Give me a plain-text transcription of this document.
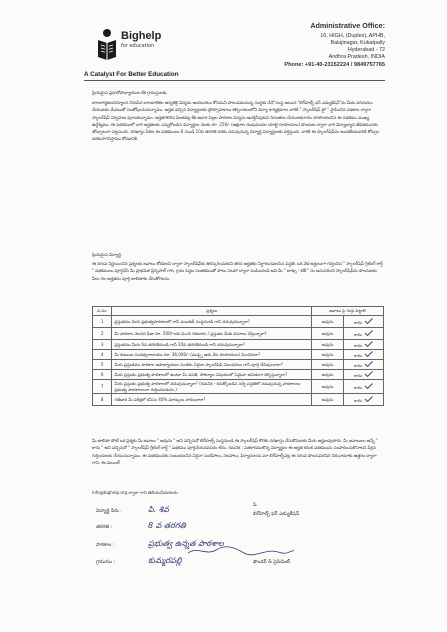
Bighelp
for education
A Catalyst For Better Education
Administrative Office:
16, HIGH, (Duplex), APHB,
Balajinagar, Kukatpally
Hyderabad - 72
Andhra Pradesh, INDIA
Phone: +91-40-23152224 / 9849757765
ప్రియమైన ప్రధానోపాధ్యాయుల కేక గ్రామస్తులకు,
బాలకార్మికులనిర్మూలన నిరుపేద బాలబాలికల ఉన్నతికై విద్యను అందించటం కోసమని పాటుపడుచున్న సంస్థకు నేనో సంస్థ అయిన "బిగ్‌హెల్ప్ ఫర్ ఎడ్యుకేషన్"ను మీకు పరిచయం చేయుటకు మేమెంతో సంతోషించుచున్నాము. అర్హత వచ్చిన విద్యార్థులకు ప్రోత్సాహకాలు కల్పించటంలోని విద్యా కార్యక్రమాల వారికి " స్కాలర్‌షిప్ ఫ్లో " స్థాపించిన పథకాల ద్వారా స్కాలర్‌షిప్ నిర్వహణ పూనుకున్నాము. అర్హతగలిగిన పిలకపట్ల కేక ఆధార పిల్లల పాఠశాల విద్యను ఆసక్తినీపుకుని నిరంతరం చేయుటకుగాను రూపొందించిన ఈ పథకము ముఖ్య ఉద్దేశ్యము. ఈ పథకములో వారి అర్హతలకు ఎన్నుకోబడిన విద్యార్థుల నెలకు రూ. 250/- (అక్షరాల రెండువందల యాభై రూపాయలు) పొందుట ద్వారా వారి విద్యాభ్యాస జీవితమునకు తోడ్పాటుగా పట్టనుంది. దరఖాస్తు పేరిట ఈ పథకములు 6 నుండి 10వ తరగతి వరకు చదువుచున్న విద్యార్థి విద్యార్థులకు వర్తిస్తుంది. వారికి ఈ స్కాలర్‌షిప్‌ను అందజేయడానికి కోర్సుల వరకుసాగనిస్తాము కోరడానికి.
ప్రియమైన విద్యార్థి,
ఈ దిగువ నిర్ణయించిన ప్రశ్నలకు జవాబు కోరవలసి ద్వారా స్కాలర్‌షిప్‌కు తిరస్కరించుకుని తగిన అర్హతకు నిర్ధారించవలసిన పద్దతి. ఒక వేళ అర్హులుగా గుర్తించిన " స్కాలర్‌షిప్ గ్రీటింగ్ కార్డ్ " పథకములు పూర్తిచేసి మీ ప్రాథమిక ప్రిన్సిపాల్ గారి, గ్రామ పెద్దల సంతకముతో పాటు సలహా ద్వారా పంపించండి అవి మీ " బాక్సు - టిక్ " ను అనుసరించి స్కాలర్‌షిప్‌ను పొందుటకు వీలు గల అర్హతను పూర్తి జాబితాకు చేసుకోగలదు.
వ.సం.	ప్రశ్నలు	జవాబు పై గుర్తు పెట్టాలి	
1	ప్రస్తుతము మీరు ప్రభుత్వపాఠశాలలో గానీ ఎయిడెడ్ సంస్థనుండి గానీ చదువుచున్నారా?	అవును	కాదు
2	మీ పాఠశాల నెలసరి ఫీజు రూ. 500/-లకు మించి గతవారం / ప్రస్తుతం మీకు వసూలు చేస్తున్నారా?	అవును	కాదు
3	ప్రస్తుతము మీరు 6వ తరగతినుండి గానీ 10వ తరగతినుండి గానీ చదువుచున్నారా?	అవును	కాదు
4	మీ కుటుంబ సంవత్సరాదాయం రూ. 36,000/- (ముప్పై ఆరు వేల రూపాయలు) మించినదా?	అవును	కాదు
5	మీరు ప్రస్తుతము పాఠశాల ఉపాధ్యాయుల సంతకం ఏదైనా స్కాలర్‌షిప్ నిబంధనలు గానీ పూర్తి చేసివుంచారా?	అవును	కాదు
6	మీరు ప్రస్తుతం ప్రభుత్వ పాఠశాలలో ఉంటూ మీ వసతి, సౌకర్యాల విషయంలో ఏమైనా ఉచితంగా కల్పిస్తున్నారా?	అవును	కాదు
7	మీరు ప్రస్తుతం ప్రభుత్వ పాఠశాలలో చదువుచున్నారా? (గమనిక - కనుక్కోబడిన సర్వే పద్దతిలో నడుపుచున్న పాఠశాలలు ప్రభుత్వ పాఠశాలలుగా గుర్తించబడును.)	అవును	కాదు
8	గతేడాది మీ పరీక్షలో కనీసం 40% మార్కులు సాధించారా?	అవును	కాదు
మీ జాబితా పోటీ ఒక ప్రశ్నకు మీ జవాబు " అవును " అని వచ్చినచో బిగ్‌హెల్ప్ సంస్థనుండి ఈ స్కాలర్‌షిప్ కొరకు దరఖాస్తు చేసుకొనుటకు మీరు అర్హులవుతారు. మీ జవాబులు అన్నీ " కాదు " అని వచ్చినచో " స్కాలర్‌షిప్ గ్రీటింగ్ కార్డ్ " పథకము పూర్తిచేయనవసరం లేదు. గమనిక : పతకారముకొన్న విద్యార్థుల ఈ అర్హత కనుక పథకమును సంపాదించుకొనాలని పేర్లిన గుర్తించుటకు చేయుచున్నాము. ఈ పథకమునకు సంబంధించిన ఏదైనా సందేహాలు, సలహాలు, ఫిర్యాదులను మా బిగ్‌హెల్ప్‌పట్ల ఈ దిగువ పొందుపరచిన చిరునామాకు ఉత్తరం ద్వారా గాని, ఈ-మెయిల్
info@bighelp.org ద్వారా గాని తెలియచేయగలరు.
విద్యార్థి పేరు :	పి. శివ
తరగతి :	8 వ తరగతి
పాఠశాల :	ప్రభుత్వ ఉన్నత పాఠశాల
గ్రామము :	కుమ్మరపల్లి
పి.
బిగ్‌హెల్ప్ ఫర్ ఎడ్యుకేషన్
ఫౌండర్ & ప్రెసిడెంట్
